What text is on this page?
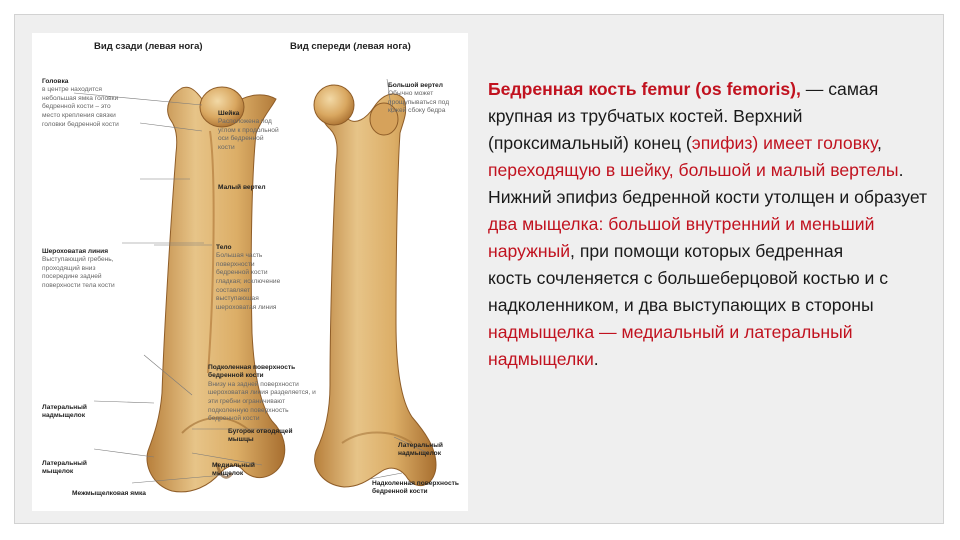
Вид сзади (левая нога)	Вид спереди (левая нога)

Головка
в центре находится небольшая ямка головки бедренной кости – это место крепления связки головки бедренной кости

Шейка
Расположена под углом к продольной оси бедренной кости

Малый вертел

Большой вертел
Обычно может прощупываться под кожей сбоку бедра

Шероховатая линия
Выступающий гребень, проходящий вниз посередине задней поверхности тела кости

Тело
Большая часть поверхности бедренной кости гладкая; исключение составляет выступающая шероховатая линия

Подколенная поверхность бедренной кости
Внизу на задней поверхности шероховатая линия разделяется, и эти гребни ограничивают подколенную поверхность бедренной кости

Латеральный надмыщелок

Бугорок отводящей мышцы

Латеральный мыщелок

Медиальный мыщелок

Межмыщелковая ямка

Латеральный надмыщелок

Надколенная поверхность бедренной кости

Бедренная кость femur (os femoris), — самая крупная из трубчатых костей. Верхний (проксимальный) конец (эпифиз) имеет головку, переходящую в шейку, большой и малый вертелы. Нижний эпифиз бедренной кости утолщен и образует два мыщелка: большой внутренний и меньший наружный, при помощи которых бедренная
кость сочленяется с большеберцовой костью и с надколенником, и два выступающих в стороны надмыщелка — медиальный и латеральный надмыщелки.
